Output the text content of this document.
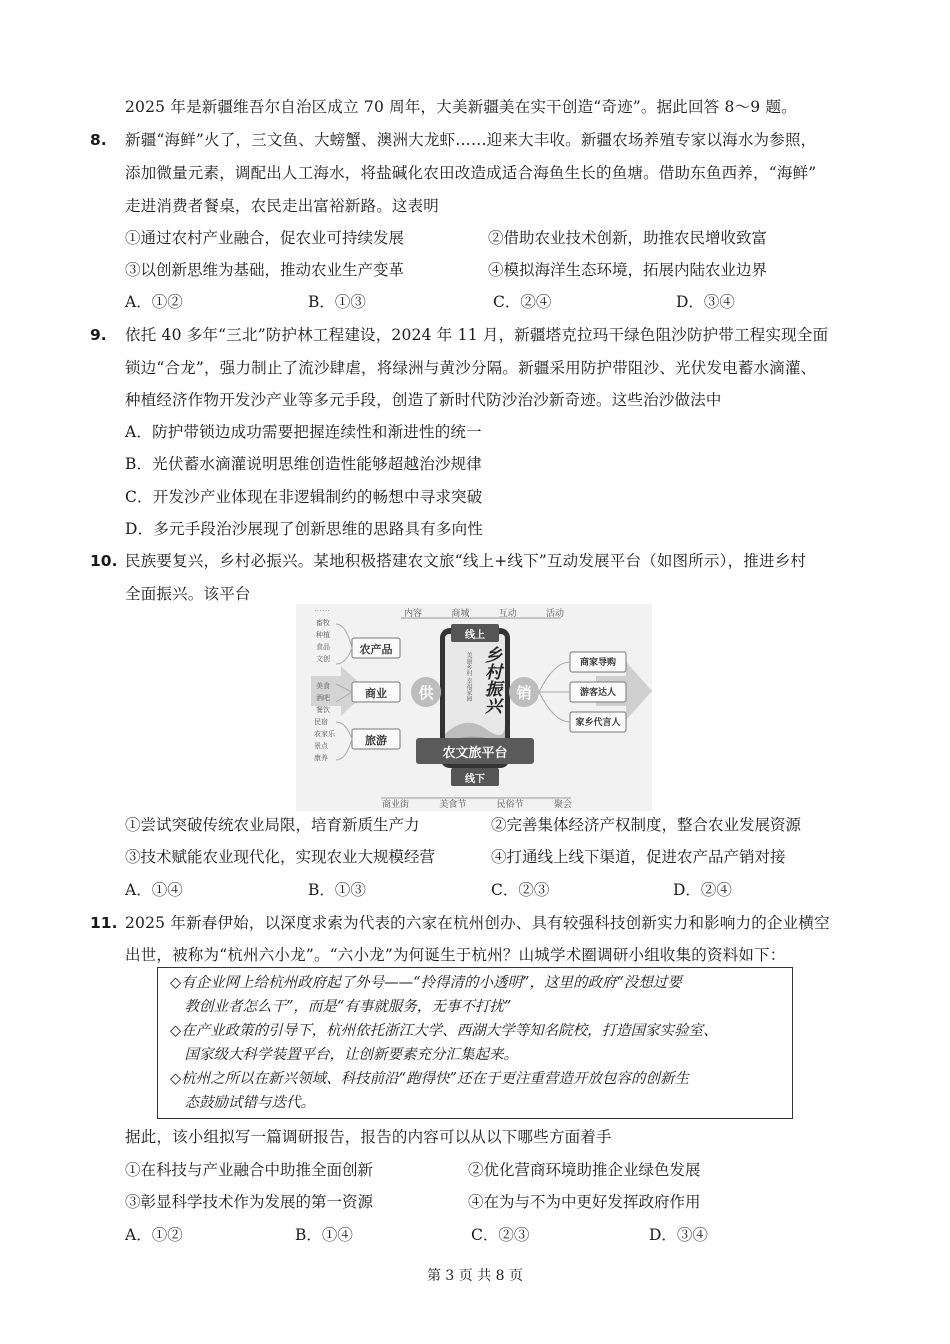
2025 年是新疆维吾尔自治区成立 70 周年，大美新疆美在实干创造“奇迹”。据此回答 8～9 题。
8. 新疆“海鲜”火了，三文鱼、大螃蟹、澳洲大龙虾……迎来大丰收。新疆农场养殖专家以海水为参照，
添加微量元素，调配出人工海水，将盐碱化农田改造成适合海鱼生长的鱼塘。借助东鱼西养，“海鲜”
走进消费者餐桌，农民走出富裕新路。这表明
①通过农村产业融合，促农业可持续发展	②借助农业技术创新，助推农民增收致富
③以创新思维为基础，推动农业生产变革	④模拟海洋生态环境，拓展内陆农业边界
A．①②	B．①③	C．②④	D．③④
9. 依托 40 多年“三北”防护林工程建设，2024 年 11 月，新疆塔克拉玛干绿色阻沙防护带工程实现全面
锁边“合龙”，强力制止了流沙肆虐，将绿洲与黄沙分隔。新疆采用防护带阻沙、光伏发电蓄水滴灌、
种植经济作物开发沙产业等多元手段，创造了新时代防沙治沙新奇迹。这些治沙做法中
A．防护带锁边成功需要把握连续性和渐进性的统一
B．光伏蓄水滴灌说明思维创造性能够超越治沙规律
C．开发沙产业体现在非逻辑制约的畅想中寻求突破
D．多元手段治沙展现了创新思维的思路具有多向性
10. 民族要复兴，乡村必振兴。某地积极搭建农文旅“线上+线下”互动发展平台（如图所示），推进乡村
全面振兴。该平台
内容	商城	互动	活动
线上
……
畜牧
种植
食品
文创
美食
酒吧
餐饮
民宿
农家乐
景点
康养
农产品
商业
旅游
供	销
美丽乡村 幸福家园 乡村振兴
农文旅平台
线下
商家导购
游客达人
家乡代言人
商业街	美食节	民俗节	聚会
①尝试突破传统农业局限，培育新质生产力	②完善集体经济产权制度，整合农业发展资源
③技术赋能农业现代化，实现农业大规模经营	④打通线上线下渠道，促进农产品产销对接
A．①④	B．①③	C．②③	D．②④
11. 2025 年新春伊始，以深度求索为代表的六家在杭州创办、具有较强科技创新实力和影响力的企业横空
出世，被称为“杭州六小龙”。“六小龙”为何诞生于杭州？山城学术圈调研小组收集的资料如下：
◇有企业网上给杭州政府起了外号——“拎得清的小透明”，这里的政府“没想过要
　教创业者怎么干”，而是“有事就服务，无事不打扰”
◇在产业政策的引导下，杭州依托浙江大学、西湖大学等知名院校，打造国家实验室、
　国家级大科学装置平台，让创新要素充分汇集起来。
◇杭州之所以在新兴领域、科技前沿“跑得快”还在于更注重营造开放包容的创新生
　态鼓励试错与迭代。
据此，该小组拟写一篇调研报告，报告的内容可以从以下哪些方面着手
①在科技与产业融合中助推全面创新	②优化营商环境助推企业绿色发展
③彰显科学技术作为发展的第一资源	④在为与不为中更好发挥政府作用
A．①②	B．①④	C．②③	D．③④
第 3 页 共 8 页
